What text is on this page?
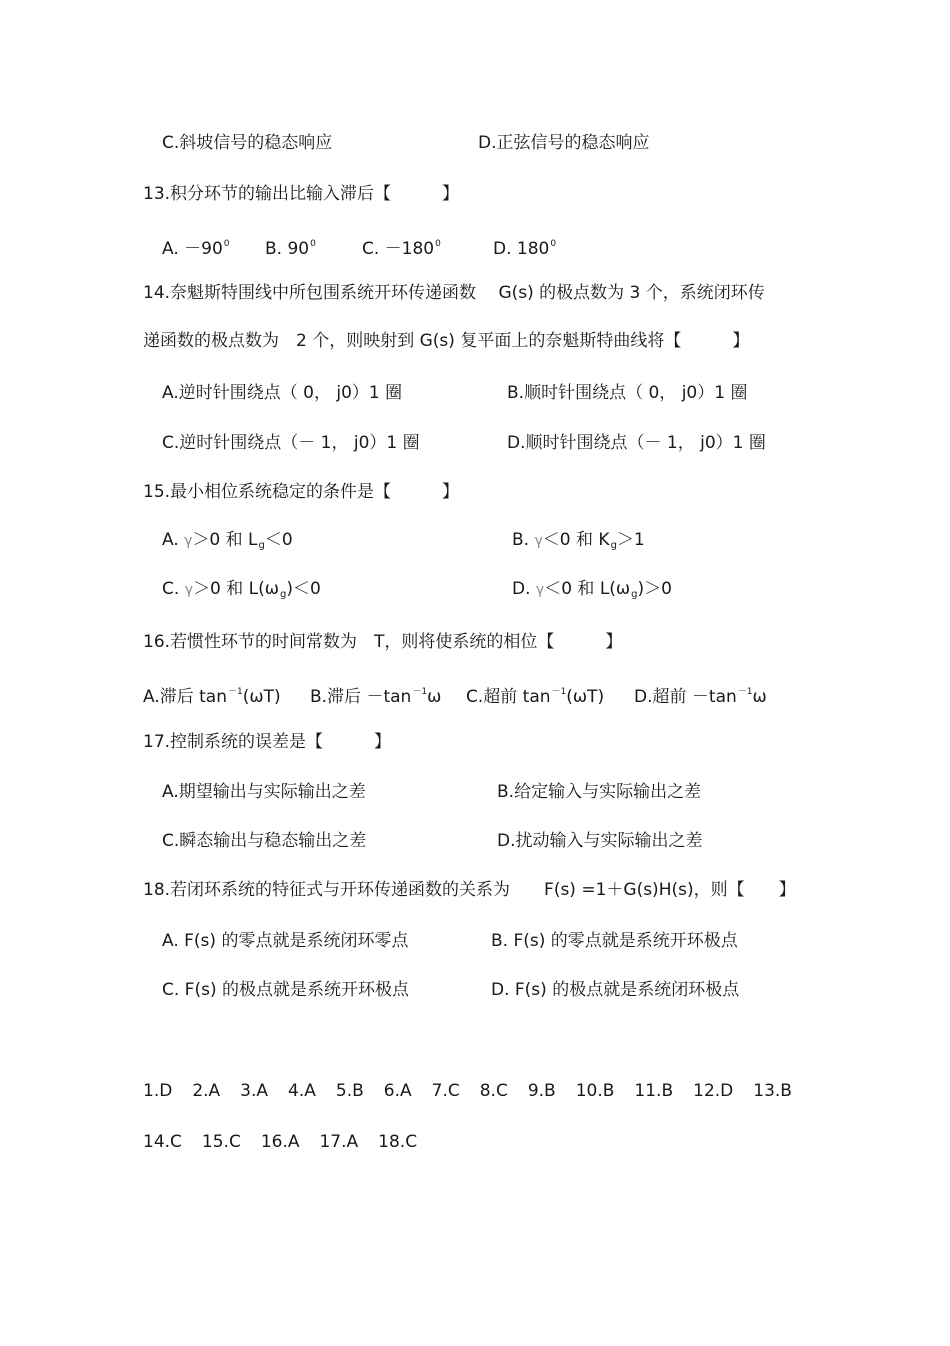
C.斜坡信号的稳态响应	D.正弦信号的稳态响应
13.积分环节的输出比输入滞后【　　　】
A. $-90^0$ B. $90^0$	C. $-180^0$	D. $180^0$
14.奈魁斯特围线中所包围系统开环传递函数　 G(s) 的极点数为 3 个，系统闭环传
递函数的极点数为　2 个，则映射到 G(s) 复平面上的奈魁斯特曲线将【　　　】
A.逆时针围绕点（ 0， j0）1 圈	B.顺时针围绕点（ 0， j0）1 圈
C.逆时针围绕点（－ 1， j0）1 圈	D.顺时针围绕点（－ 1， j0）1 圈
15.最小相位系统稳定的条件是【　　　】
A. γ＞0 和 $L_g<0$	B. γ＜0 和 $K_g>1$
C. γ＞0 和 $L(\omega_g)<0$	D. γ＜0 和 $L(\omega_g)>0$
16.若惯性环节的时间常数为　T，则将使系统的相位【　　　】
A.滞后 $\tan^{-1}(\omega T)$ B.滞后 $-\tan^{-1}\omega$ C.超前 $\tan^{-1}(\omega T)$ D.超前 $-\tan^{-1}\omega$
17.控制系统的误差是【　　　】
A.期望输出与实际输出之差	B.给定输入与实际输出之差
C.瞬态输出与稳态输出之差	D.扰动输入与实际输出之差
18.若闭环系统的特征式与开环传递函数的关系为　　F(s) =1＋G(s)H(s)，则【　　】
A. F(s) 的零点就是系统闭环零点	B. F(s) 的零点就是系统开环极点
C. F(s) 的极点就是系统开环极点	D. F(s) 的极点就是系统闭环极点
1.D 2.A 3.A 4.A 5.B 6.A 7.C 8.C 9.B 10.B 11.B 12.D 13.B
14.C 15.C 16.A 17.A 18.C
